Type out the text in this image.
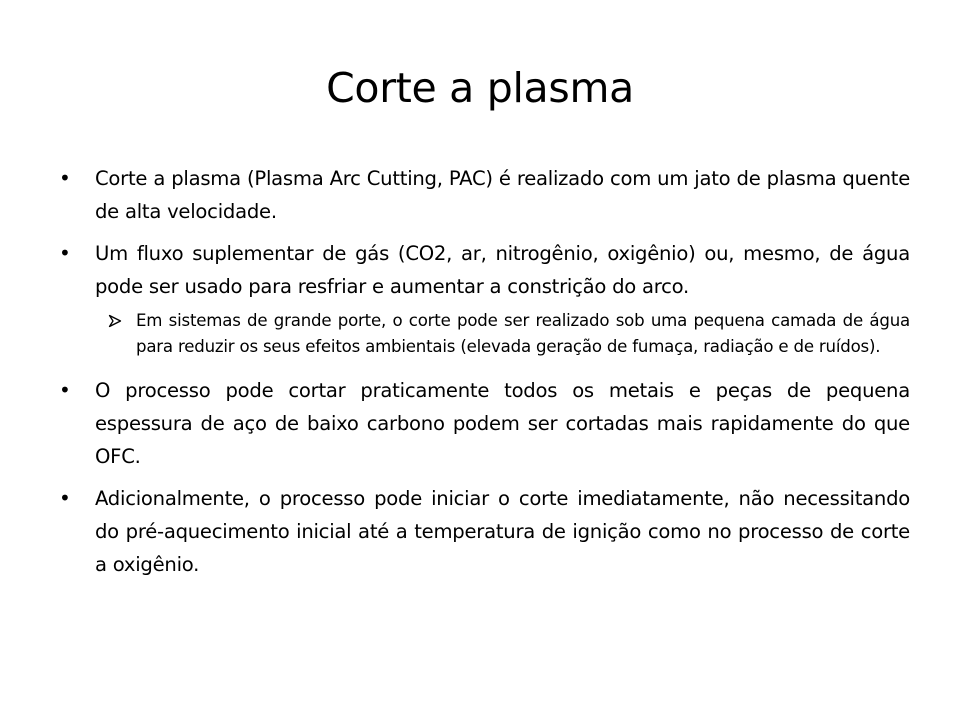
Corte a plasma

• Corte a plasma (Plasma Arc Cutting, PAC) é realizado com um jato de plasma quente de alta velocidade.

• Um fluxo suplementar de gás (CO2, ar, nitrogênio, oxigênio) ou, mesmo, de água pode ser usado para resfriar e aumentar a constrição do arco.

Em sistemas de grande porte, o corte pode ser realizado sob uma pequena camada de água para reduzir os seus efeitos ambientais (elevada geração de fumaça, radiação e de ruídos).

• O processo pode cortar praticamente todos os metais e peças de pequena espessura de aço de baixo carbono podem ser cortadas mais rapidamente do que OFC.

• Adicionalmente, o processo pode iniciar o corte imediatamente, não necessitando do pré-aquecimento inicial até a temperatura de ignição como no processo de corte a oxigênio.
